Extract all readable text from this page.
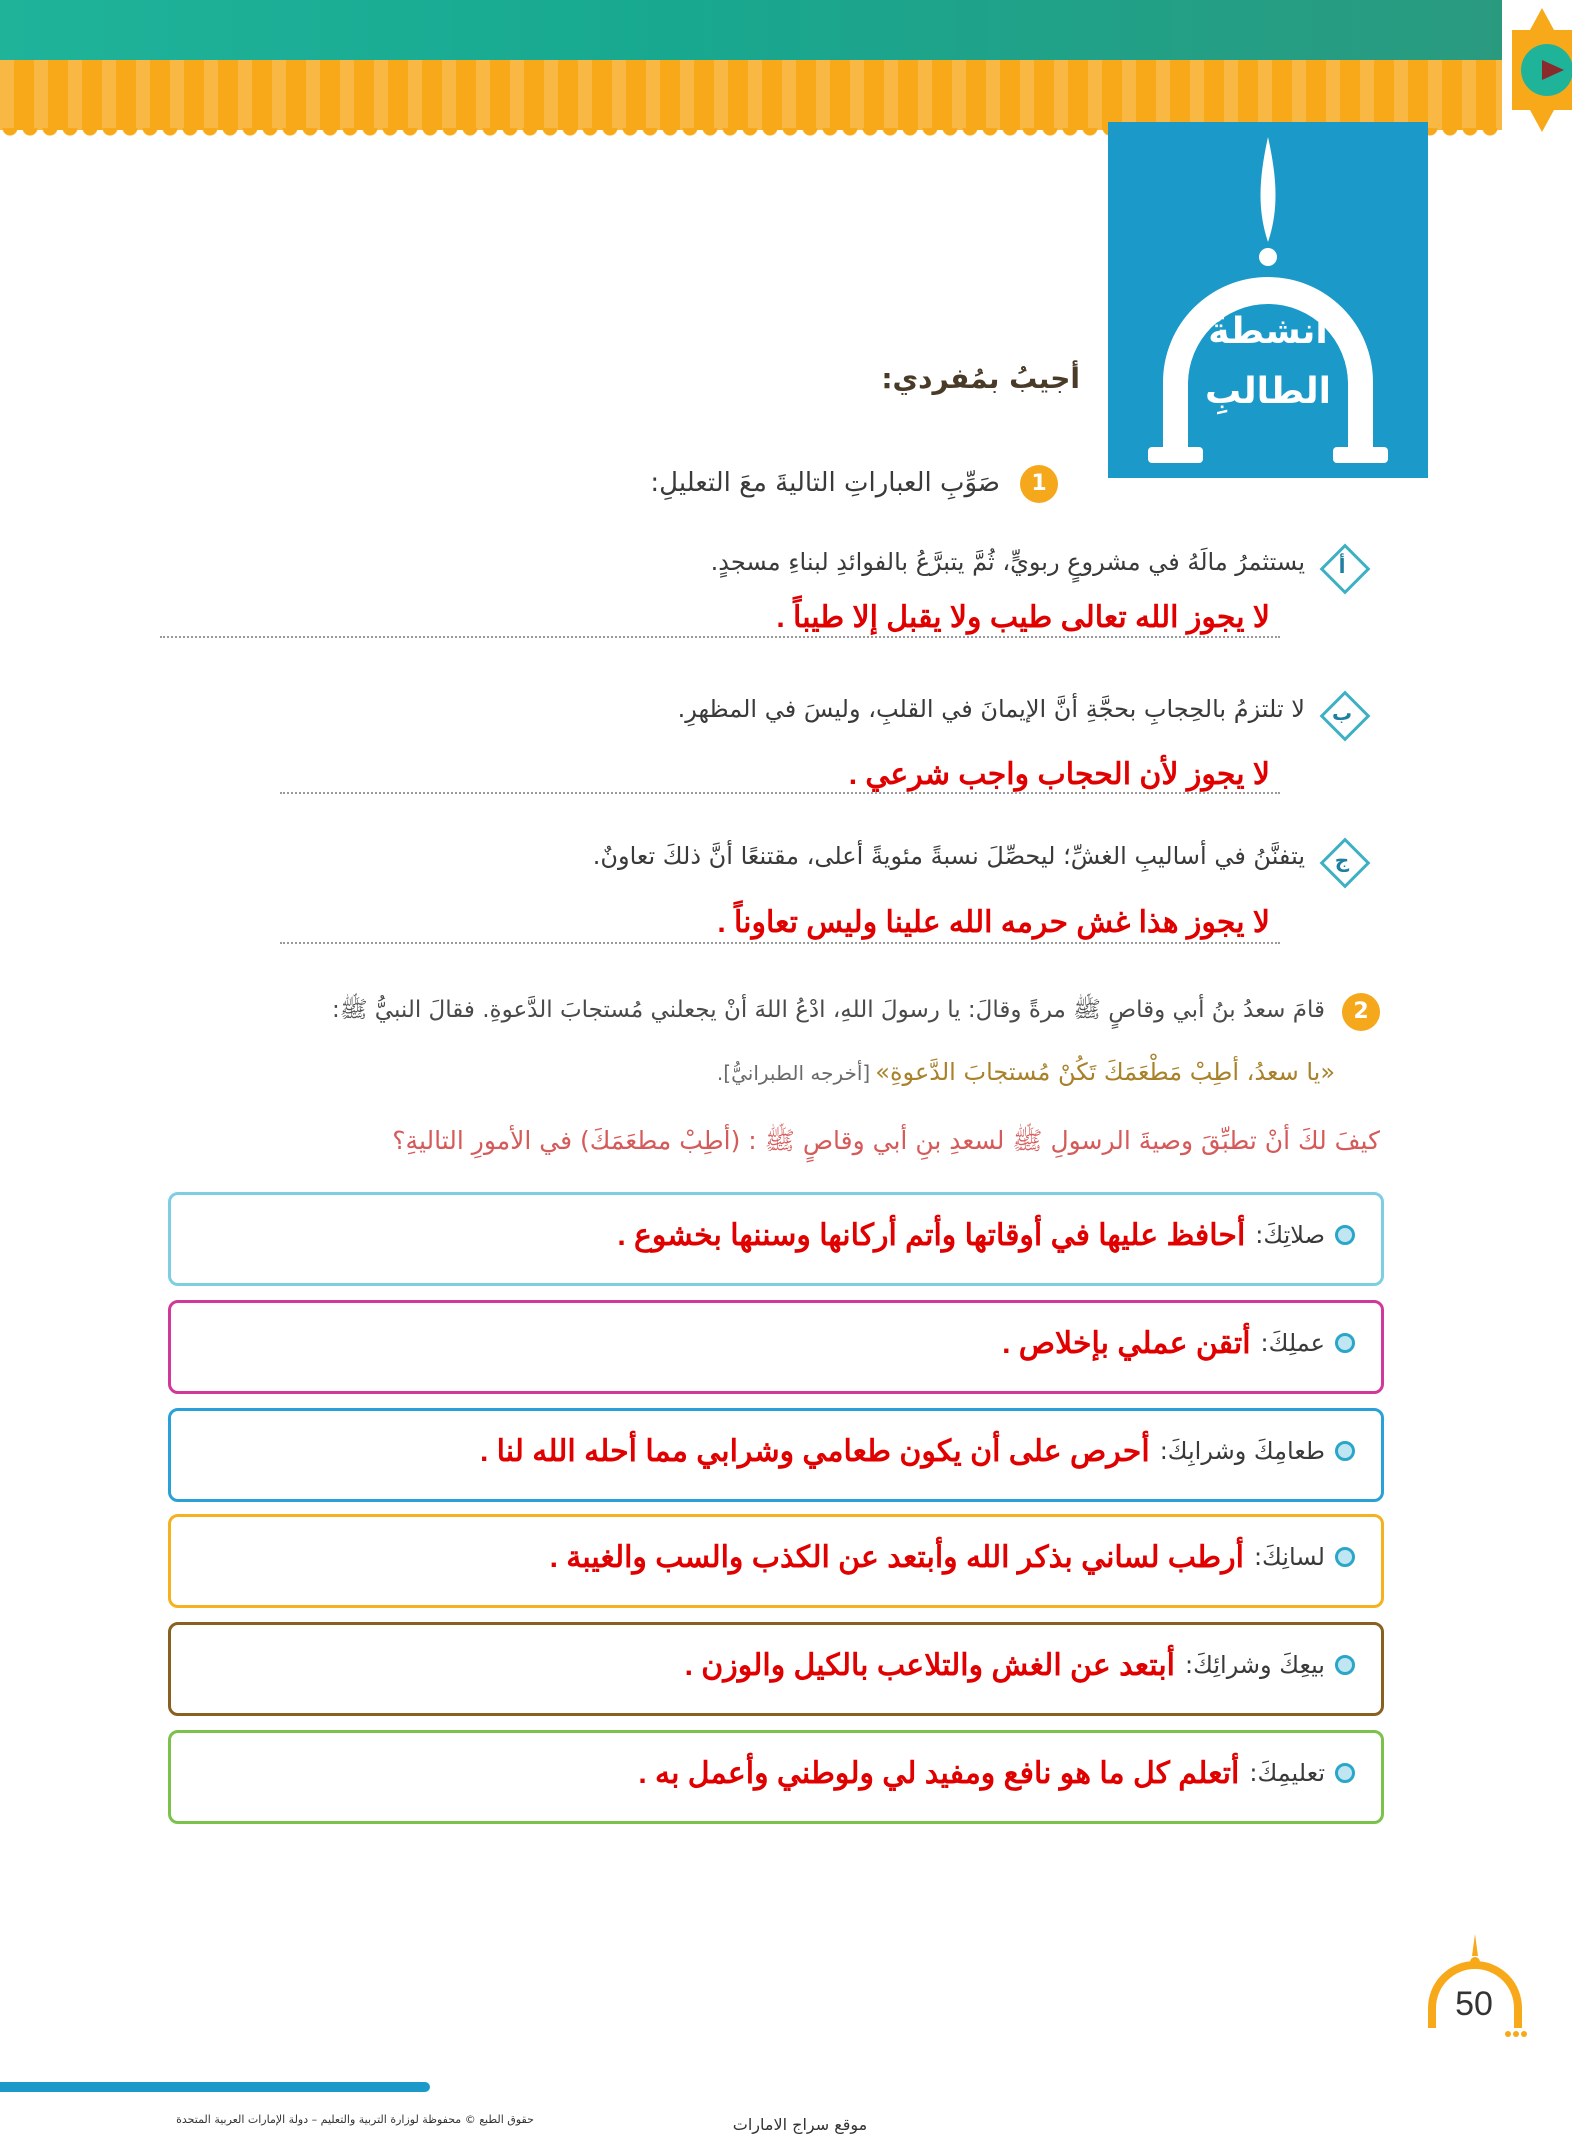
أنشطةُ
الطالبِ
أجيبُ بمُفردي:
1
صَوِّبِ العباراتِ التاليةَ معَ التعليلِ:
أ
يستثمرُ مالَهُ في مشروعٍ ربويٍّ، ثُمَّ يتبرَّعُ بالفوائدِ لبناءِ مسجدٍ.
لا يجوز الله تعالى طيب ولا يقبل إلا طيباً .
ب
لا تلتزمُ بالحِجابِ بحجَّةِ أنَّ الإيمانَ في القلبِ، وليسَ في المظهرِ.
لا يجوز لأن الحجاب واجب شرعي .
ج
يتفنَّنُ في أساليبِ الغشِّ؛ ليحصِّلَ نسبةً مئويةً أعلى، مقتنعًا أنَّ ذلكَ تعاونٌ.
لا يجوز هذا غش حرمه الله علينا وليس تعاوناً .
2
قامَ سعدُ بنُ أبي وقاصٍ ﷺ مرةً وقالَ: يا رسولَ اللهِ، ادْعُ اللهَ أنْ يجعلني مُستجابَ الدَّعوةِ. فقالَ النبيُّ ﷺ:
«يا سعدُ، أطِبْ مَطْعَمَكَ تَكُنْ مُستجابَ الدَّعوةِ» [أخرجه الطبرانيُّ].
كيفَ لكَ أنْ تطبِّقَ وصيةَ الرسولِ ﷺ لسعدِ بنِ أبي وقاصٍ ﷺ : (أطِبْ مطعَمَكَ) في الأمورِ التاليةِ؟
صلاتِكَ:
أحافظ عليها في أوقاتها وأتم أركانها وسننها بخشوع .
عملِكَ:
أتقن عملي بإخلاص .
طعامِكَ وشرابِكَ:
أحرص على أن يكون طعامي وشرابي مما أحله الله لنا .
لسانِكَ:
أرطب لساني بذكر الله وأبتعد عن الكذب والسب والغيبة .
بيعِكَ وشرائِكَ:
أبتعد عن الغش والتلاعب بالكيل والوزن .
تعليمِكَ:
أتعلم كل ما هو نافع ومفيد لي ولوطني وأعمل به .
50
حقوق الطبع © محفوظة لوزارة التربية والتعليم – دولة الإمارات العربية المتحدة	موقع سراج الامارات
